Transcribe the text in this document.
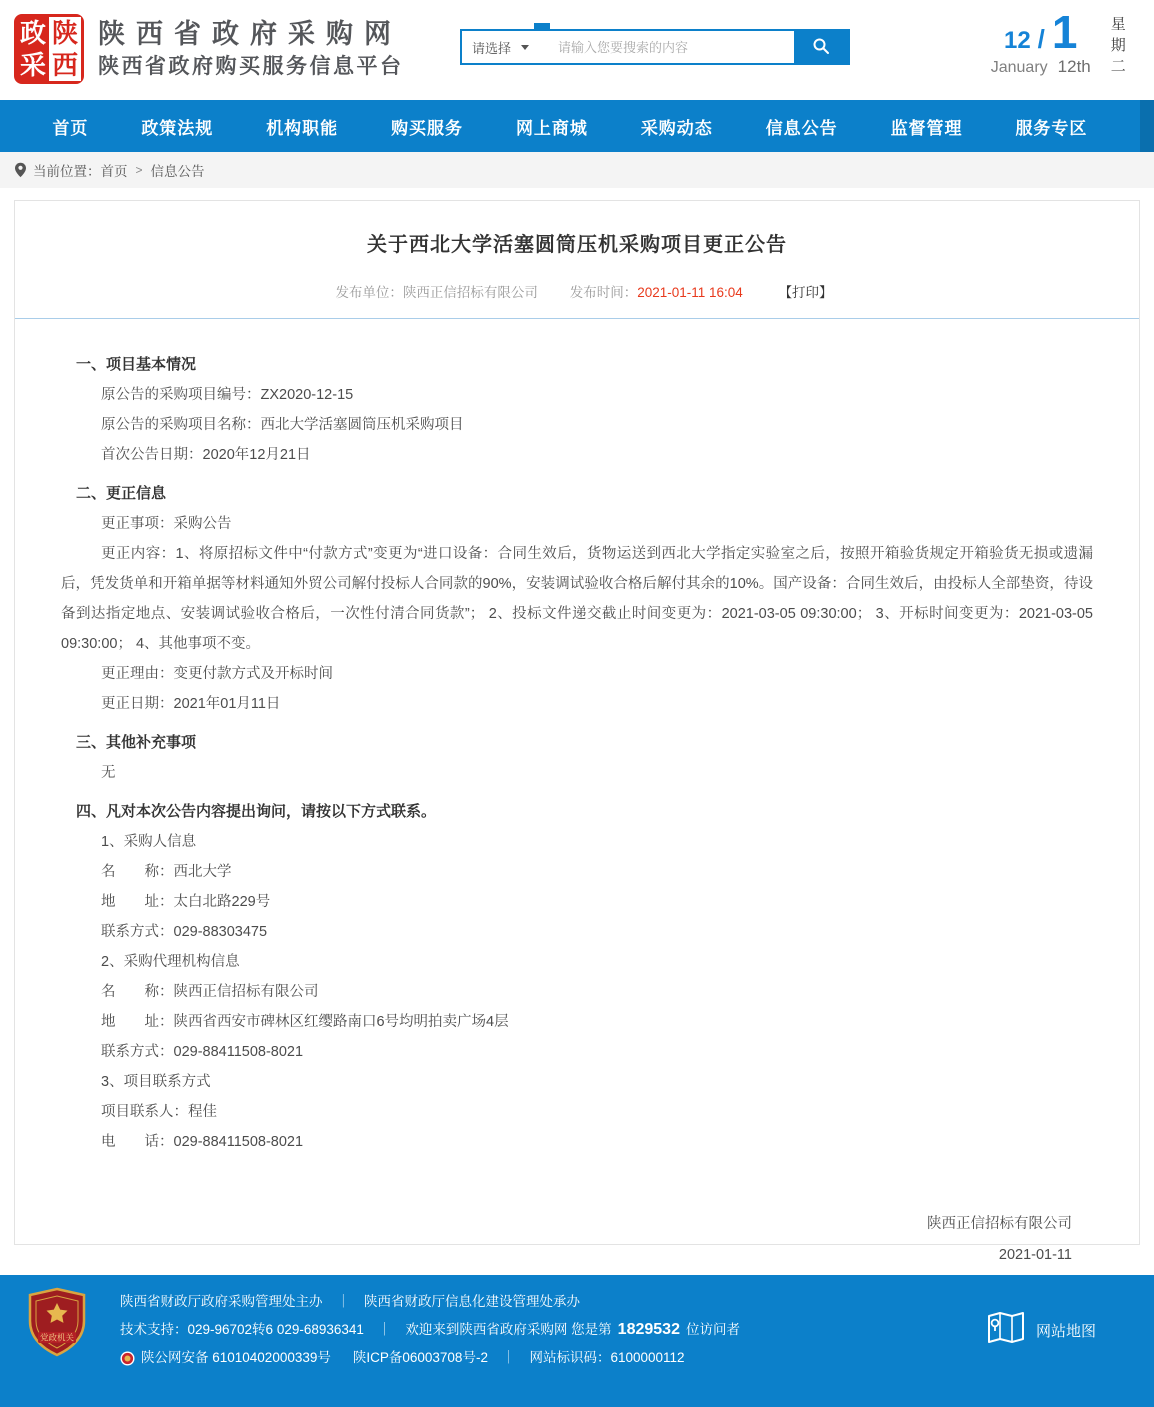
政
采
陕
西
陕西省政府采购网
陕西省政府购买服务信息平台
请选择
请输入您要搜索的内容	12 / 1
January 12th
星期二
首页	政策法规	机构职能	购买服务	网上商城	采购动态	信息公告	监督管理	服务专区
当前位置： 首页 > 信息公告
关于西北大学活塞圆筒压机采购项目更正公告
发布单位：陕西正信招标有限公司 发布时间：2021-01-11 16:04	【打印】
一、项目基本情况
原公告的采购项目编号：ZX2020-12-15
原公告的采购项目名称：西北大学活塞圆筒压机采购项目
首次公告日期：2020年12月21日
二、更正信息
更正事项：采购公告
更正内容：1、将原招标文件中“付款方式”变更为“进口设备：合同生效后，货物运送到西北大学指定实验室之后，按照开箱验货规定开箱验货无损或遗漏后，凭发货单和开箱单据等材料通知外贸公司解付投标人合同款的90%，安装调试验收合格后解付其余的10%。国产设备：合同生效后，由投标人全部垫资，待设备到达指定地点、安装调试验收合格后，一次性付清合同货款”； 2、投标文件递交截止时间变更为：2021-03-05 09:30:00； 3、开标时间变更为：2021-03-05 09:30:00； 4、其他事项不变。
更正理由：变更付款方式及开标时间
更正日期：2021年01月11日
三、其他补充事项
无
四、凡对本次公告内容提出询问，请按以下方式联系。
1、采购人信息
名　　称：西北大学
地　　址：太白北路229号
联系方式：029-88303475
2、采购代理机构信息
名　　称：陕西正信招标有限公司
地　　址：陕西省西安市碑林区红缨路南口6号均明拍卖广场4层
联系方式：029-88411508-8021
3、项目联系方式
项目联系人：程佳
电　　话：029-88411508-8021
陕西正信招标有限公司
2021-01-11
党政机关
陕西省财政厅政府采购管理处主办 ｜ 陕西省财政厅信息化建设管理处承办
技术支持：029-96702转6 029-68936341 ｜ 欢迎来到陕西省政府采购网 您是第 1829532 位访问者
陕公网安备 61010402000339号 陕ICP备06003708号-2 ｜ 网站标识码：6100000112
网站地图
